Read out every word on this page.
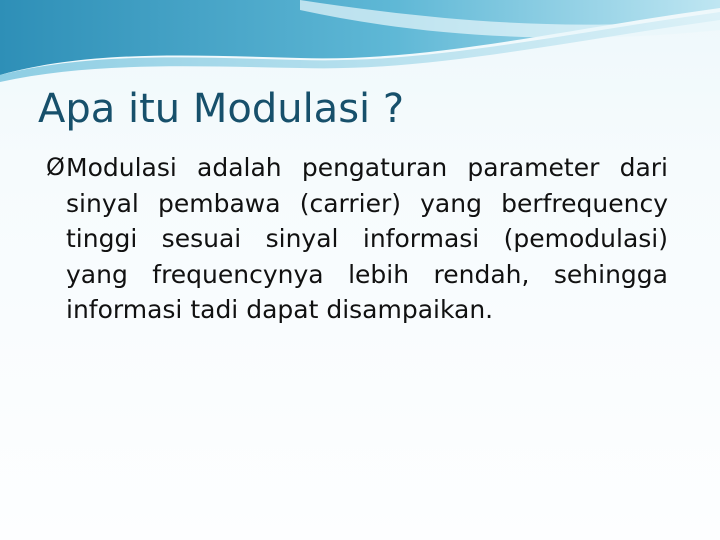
Apa itu Modulasi ?
Ø Modulasi adalah pengaturan parameter dari sinyal pembawa (carrier) yang berfrequency tinggi sesuai sinyal informasi (pemodulasi) yang frequencynya lebih rendah, sehingga informasi tadi dapat disampaikan.
